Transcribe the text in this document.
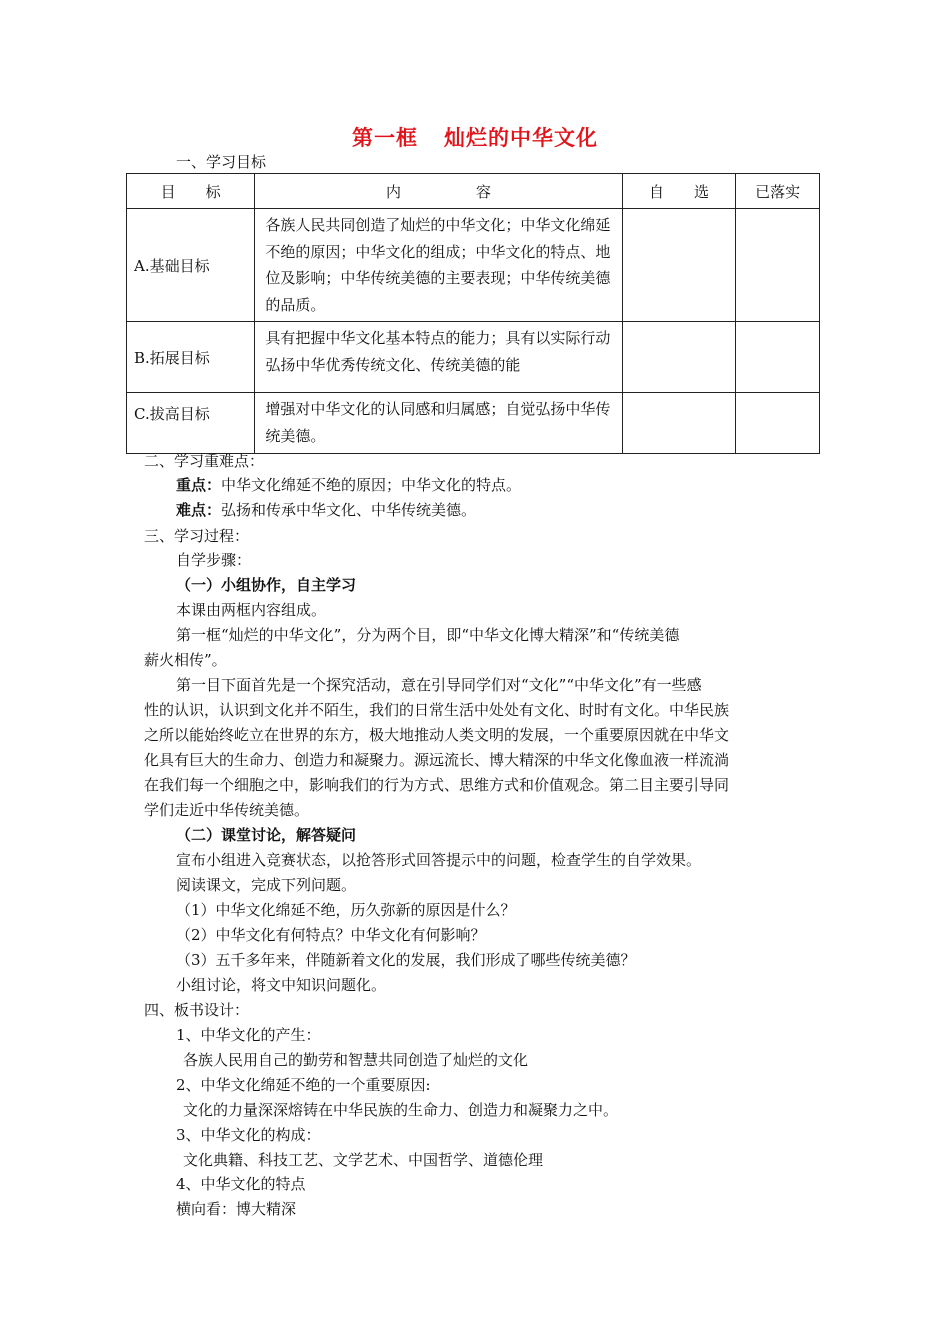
第一框 灿烂的中华文化
一、学习目标
目　　标	内　　　　　容	自　　选	已落实
A.基础目标	各族人民共同创造了灿烂的中华文化；中华文化绵延不绝的原因；中华文化的组成；中华文化的特点、地位及影响；中华传统美德的主要表现；中华传统美德的品质。		

B.拓展目标	具有把握中华文化基本特点的能力；具有以实际行动弘扬中华优秀传统文化、传统美德的能		

C.拔高目标	增强对中华文化的认同感和归属感；自觉弘扬中华传统美德。		

二、学习重难点：
重点：中华文化绵延不绝的原因；中华文化的特点。
难点：弘扬和传承中华文化、中华传统美德。
三、学习过程：
自学步骤：
（一）小组协作，自主学习
本课由两框内容组成。
第一框“灿烂的中华文化”，分为两个目，即“中华文化博大精深”和“传统美德
薪火相传”。
第一目下面首先是一个探究活动，意在引导同学们对“文化”“中华文化”有一些感
性的认识，认识到文化并不陌生，我们的日常生活中处处有文化、时时有文化。中华民族
之所以能始终屹立在世界的东方，极大地推动人类文明的发展，一个重要原因就在中华文
化具有巨大的生命力、创造力和凝聚力。源远流长、博大精深的中华文化像血液一样流淌
在我们每一个细胞之中，影响我们的行为方式、思维方式和价值观念。第二目主要引导同
学们走近中华传统美德。
（二）课堂讨论，解答疑问
宣布小组进入竞赛状态，以抢答形式回答提示中的问题，检查学生的自学效果。
阅读课文，完成下列问题。
（1）中华文化绵延不绝，历久弥新的原因是什么？
（2）中华文化有何特点？中华文化有何影响？
（3）五千多年来，伴随新着文化的发展，我们形成了哪些传统美德？
小组讨论，将文中知识问题化。
四、板书设计：
1、中华文化的产生：
各族人民用自己的勤劳和智慧共同创造了灿烂的文化
2、中华文化绵延不绝的一个重要原因:
文化的力量深深熔铸在中华民族的生命力、创造力和凝聚力之中。
3、中华文化的构成：
文化典籍、科技工艺、文学艺术、中国哲学、道德伦理
4、中华文化的特点
横向看：博大精深
